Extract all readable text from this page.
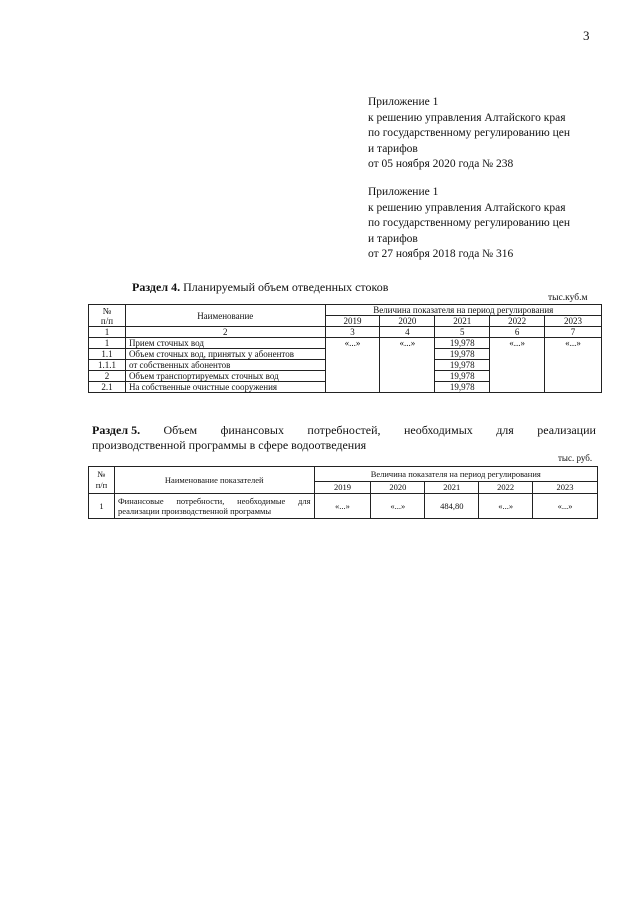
3
Приложение 1
к решению управления Алтайского края
по государственному регулированию цен
и тарифов
от 05 ноября 2020 года № 238
Приложение 1
к решению управления Алтайского края
по государственному регулированию цен
и тарифов
от 27 ноября 2018 года № 316
Раздел 4. Планируемый объем отведенных стоков
тыс.куб.м
№
п/п	Наименование	Величина показателя на период регулирования				
		2019	2020	2021	2022	2023
1	2	3	4	5	6	7
1	Прием сточных вод	«...»	«...»	19,978	«...»	«...»
1.1	Объем сточных вод, принятых у абонентов			19,978		
1.1.1	от собственных абонентов			19,978		
2	Объем транспортируемых сточных вод			19,978		
2.1	На собственные очистные сооружения			19,978		
Раздел 5. Объем финансовых потребностей, необходимых для реализации
производственной программы в сфере водоотведения
тыс. руб.
№
п/п	Наименование показателей	Величина показателя на период регулирования				
		2019	2020	2021	2022	2023
1	Финансовые потребности, необходимые для
реализации производственной программы	«...»	«...»	484,80	«...»	«...»
